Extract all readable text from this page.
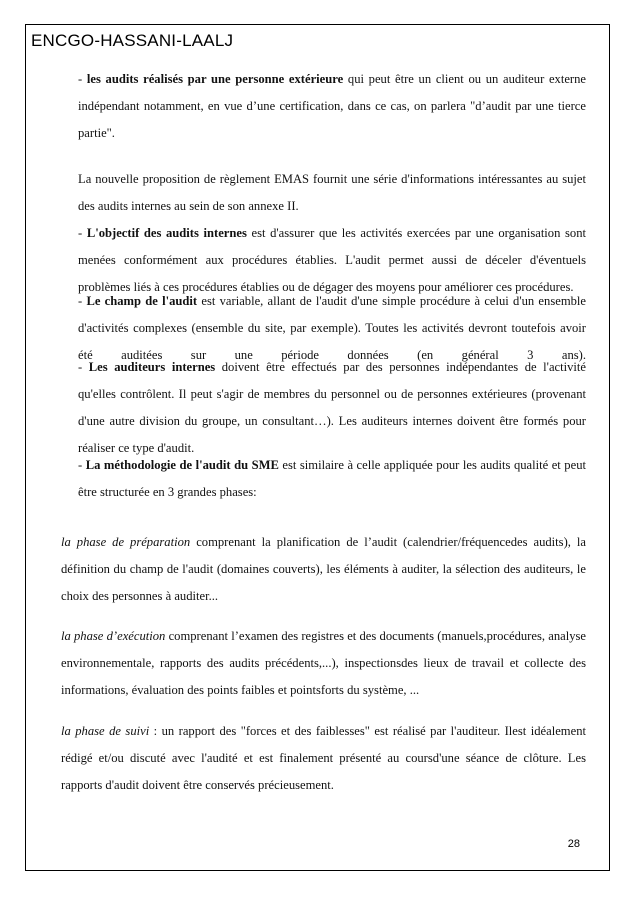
ENCGO-HASSANI-LAALJ
- les audits réalisés par une personne extérieure qui peut être un client ou un auditeur externe indépendant notamment, en vue d’une certification, dans ce cas, on parlera "d’audit par une tierce partie".
La nouvelle proposition de règlement EMAS fournit une série d'informations intéressantes au sujet des audits internes au sein de son annexe II.
- L'objectif des audits internes est d'assurer que les activités exercées par une organisation sont menées conformément aux procédures établies. L'audit permet aussi de déceler d'éventuels problèmes liés à ces procédures établies ou de dégager des moyens pour améliorer ces procédures.
- Le champ de l'audit est variable, allant de l'audit d'une simple procédure à celui d'un ensemble d'activités complexes (ensemble du site, par exemple). Toutes les activités devront toutefois avoir été auditées sur une période données (en général 3 ans).
- Les auditeurs internes doivent être effectués par des personnes indépendantes de l'activité qu'elles contrôlent. Il peut s'agir de membres du personnel ou de personnes extérieures (provenant d'une autre division du groupe, un consultant…). Les auditeurs internes doivent être formés pour réaliser ce type d'audit.
- La méthodologie de l'audit du SME est similaire à celle appliquée pour les audits qualité et peut être structurée en 3 grandes phases:
la phase de préparation comprenant la planification de l’audit (calendrier/fréquencedes audits), la définition du champ de l'audit (domaines couverts), les éléments à auditer, la sélection des auditeurs, le choix des personnes à auditer...
la phase d’exécution comprenant l’examen des registres et des documents (manuels,procédures, analyse environnementale, rapports des audits précédents,...), inspectionsdes lieux de travail et collecte des informations, évaluation des points faibles et pointsforts du système, ...
la phase de suivi : un rapport des "forces et des faiblesses" est réalisé par l'auditeur. Ilest idéalement rédigé et/ou discuté avec l'audité et est finalement présenté au coursd'une séance de clôture. Les rapports d'audit doivent être conservés précieusement.
28
